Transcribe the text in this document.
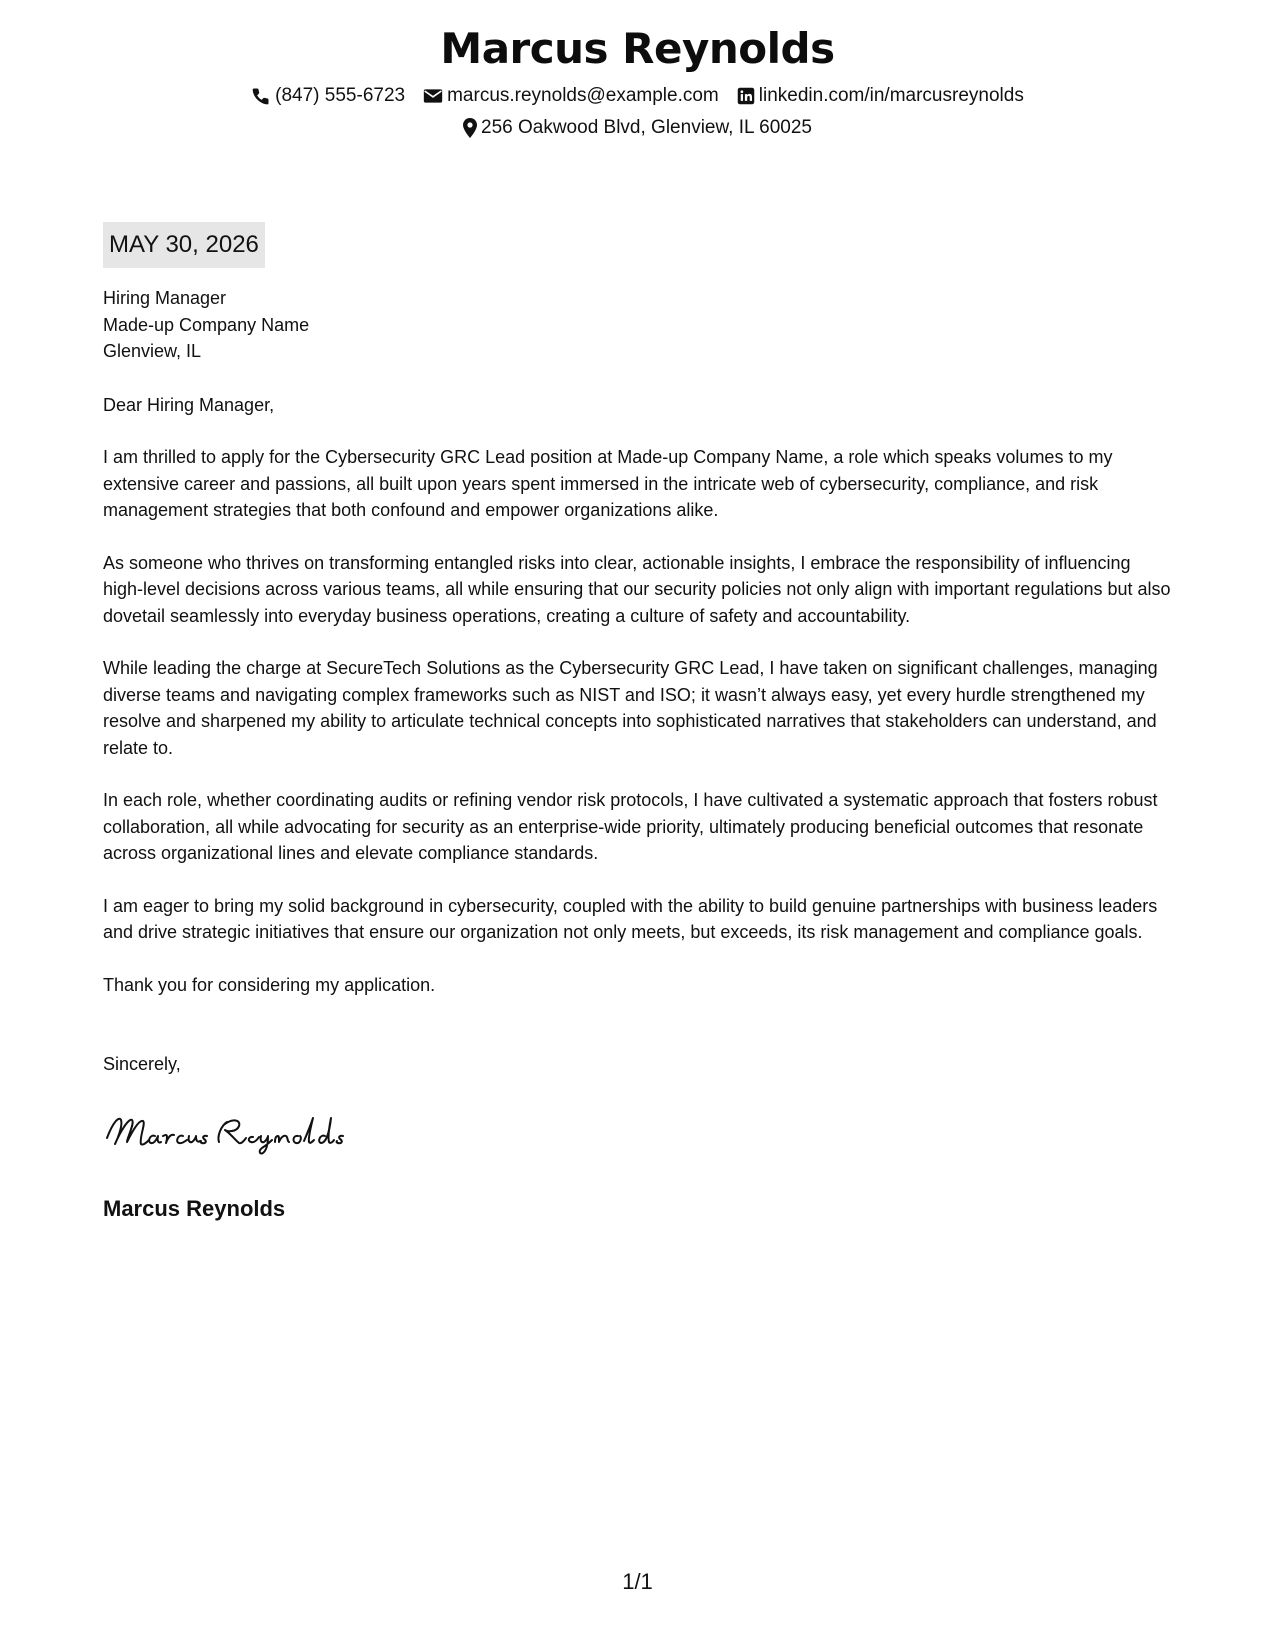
Marcus Reynolds
(847) 555-6723 marcus.reynolds@example.com linkedin.com/in/marcusreynolds
256 Oakwood Blvd, Glenview, IL 60025
MAY 30, 2026
Hiring Manager
Made-up Company Name
Glenview, IL
Dear Hiring Manager,

I am thrilled to apply for the Cybersecurity GRC Lead position at Made-up Company Name, a role which speaks volumes to my extensive career and passions, all built upon years spent immersed in the intricate web of cybersecurity, compliance, and risk management strategies that both confound and empower organizations alike.

As someone who thrives on transforming entangled risks into clear, actionable insights, I embrace the responsibility of influencing high-level decisions across various teams, all while ensuring that our security policies not only align with important regulations but also dovetail seamlessly into everyday business operations, creating a culture of safety and accountability.

While leading the charge at SecureTech Solutions as the Cybersecurity GRC Lead, I have taken on significant challenges, managing diverse teams and navigating complex frameworks such as NIST and ISO; it wasn’t always easy, yet every hurdle strengthened my resolve and sharpened my ability to articulate technical concepts into sophisticated narratives that stakeholders can understand, and relate to.

In each role, whether coordinating audits or refining vendor risk protocols, I have cultivated a systematic approach that fosters robust collaboration, all while advocating for security as an enterprise-wide priority, ultimately producing beneficial outcomes that resonate across organizational lines and elevate compliance standards.

I am eager to bring my solid background in cybersecurity, coupled with the ability to build genuine partnerships with business leaders and drive strategic initiatives that ensure our organization not only meets, but exceeds, its risk management and compliance goals.

Thank you for considering my application.

Sincerely,
Marcus Reynolds
1/1
